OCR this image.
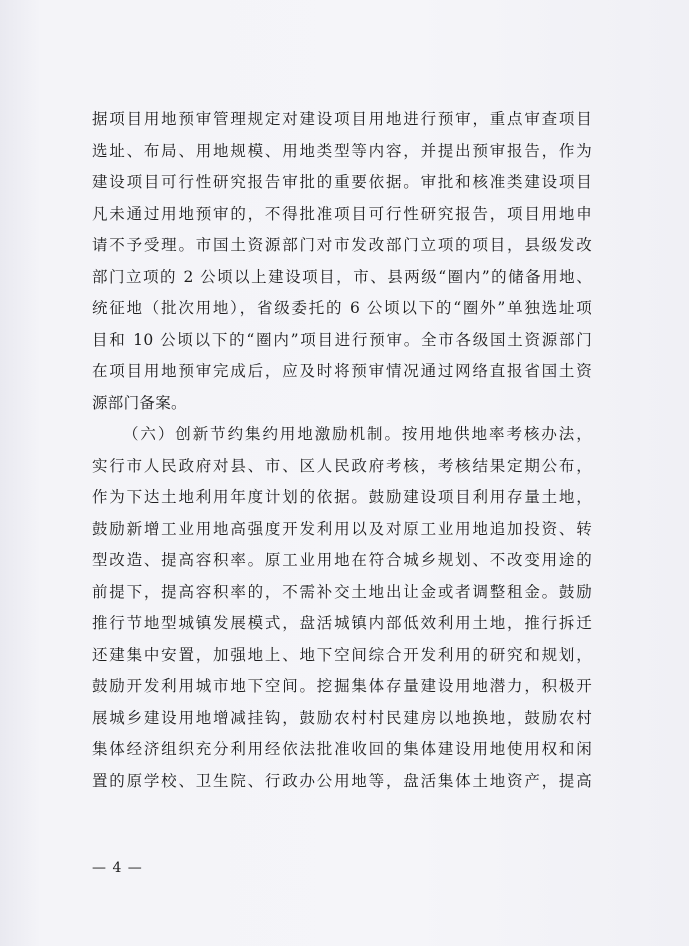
据项目用地预审管理规定对建设项目用地进行预审，重点审查项目
选址、布局、用地规模、用地类型等内容，并提出预审报告，作为
建设项目可行性研究报告审批的重要依据。审批和核准类建设项目
凡未通过用地预审的，不得批准项目可行性研究报告，项目用地申
请不予受理。市国土资源部门对市发改部门立项的项目，县级发改
部门立项的 2 公顷以上建设项目，市、县两级“圈内”的储备用地、
统征地（批次用地），省级委托的 6 公顷以下的“圈外”单独选址项
目和 10 公顷以下的“圈内”项目进行预审。全市各级国土资源部门
在项目用地预审完成后，应及时将预审情况通过网络直报省国土资
源部门备案。
（六）创新节约集约用地激励机制。按用地供地率考核办法，
实行市人民政府对县、市、区人民政府考核，考核结果定期公布，
作为下达土地利用年度计划的依据。鼓励建设项目利用存量土地，
鼓励新增工业用地高强度开发利用以及对原工业用地追加投资、转
型改造、提高容积率。原工业用地在符合城乡规划、不改变用途的
前提下，提高容积率的，不需补交土地出让金或者调整租金。鼓励
推行节地型城镇发展模式，盘活城镇内部低效利用土地，推行拆迁
还建集中安置，加强地上、地下空间综合开发利用的研究和规划，
鼓励开发利用城市地下空间。挖掘集体存量建设用地潜力，积极开
展城乡建设用地增减挂钩，鼓励农村村民建房以地换地，鼓励农村
集体经济组织充分利用经依法批准收回的集体建设用地使用权和闲
置的原学校、卫生院、行政办公用地等，盘活集体土地资产，提高
— 4 —
